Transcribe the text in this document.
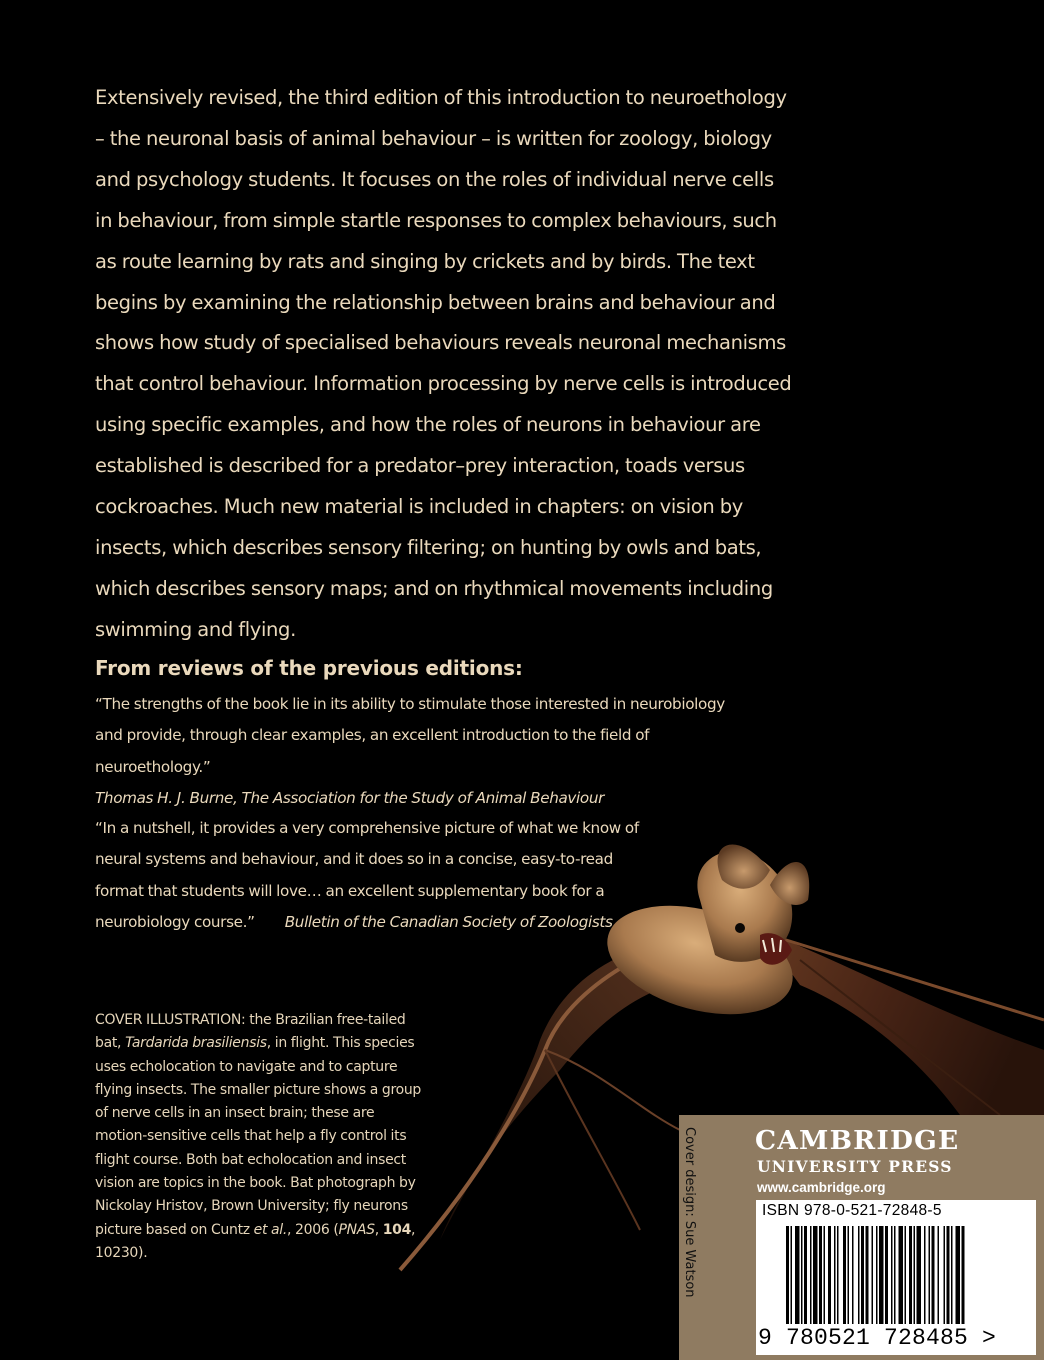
Extensively revised, the third edition of this introduction to neuroethology – the neuronal basis of animal behaviour – is written for zoology, biology and psychology students. It focuses on the roles of individual nerve cells in behaviour, from simple startle responses to complex behaviours, such as route learning by rats and singing by crickets and by birds. The text begins by examining the relationship between brains and behaviour and shows how study of specialised behaviours reveals neuronal mechanisms that control behaviour. Information processing by nerve cells is introduced using specific examples, and how the roles of neurons in behaviour are established is described for a predator–prey interaction, toads versus cockroaches. Much new material is included in chapters: on vision by insects, which describes sensory filtering; on hunting by owls and bats, which describes sensory maps; and on rhythmical movements including swimming and flying.

From reviews of the previous editions:

“The strengths of the book lie in its ability to stimulate those interested in neurobiology and provide, through clear examples, an excellent introduction to the field of neuroethology.”
Thomas H. J. Burne, The Association for the Study of Animal Behaviour

“In a nutshell, it provides a very comprehensive picture of what we know of neural systems and behaviour, and it does so in a concise, easy-to-read format that students will love… an excellent supplementary book for a neurobiology course.” Bulletin of the Canadian Society of Zoologists

COVER ILLUSTRATION: the Brazilian free-tailed bat, Tardarida brasiliensis, in flight. This species uses echolocation to navigate and to capture flying insects. The smaller picture shows a group of nerve cells in an insect brain; these are motion-sensitive cells that help a fly control its flight course. Both bat echolocation and insect vision are topics in the book. Bat photograph by Nickolay Hristov, Brown University; fly neurons picture based on Cuntz et al., 2006 (PNAS, 104, 10230).	Cover design: Sue Watson CAMBRIDGE
UNIVERSITY PRESS
www.cambridge.org
ISBN 978-0-521-72848-5
9 780521 728485 >
